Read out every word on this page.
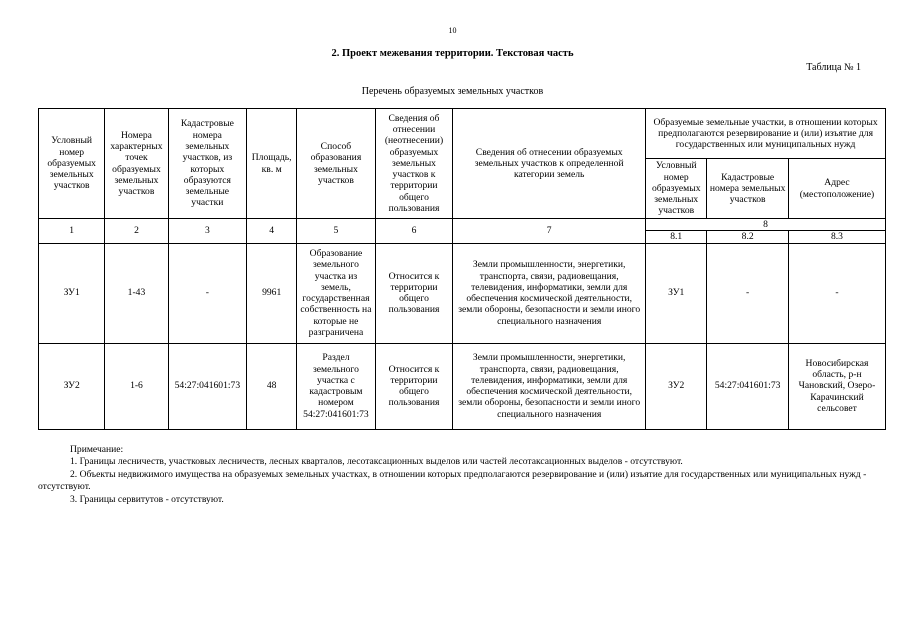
10
2. Проект межевания территории. Текстовая часть
Таблица № 1
Перечень образуемых земельных участков
Условный номер образуемых земельных участков	Номера характерных точек образуемых земельных участков	Кадастровые номера земельных участков, из которых образуются земельные участки	Площадь, кв. м	Способ образования земельных участков	Сведения об отнесении (неотнесении) образуемых земельных участков к территории общего пользования	Сведения об отнесении образуемых земельных участков к определенной категории земель	Образуемые земельные участки, в отношении которых предполагаются резервирование и (или) изъятие для государственных или муниципальных нужд		
							Условный номер образуемых земельных участков	Кадастровые номера земельных участков	Адрес (местоположение)
1	2	3	4	5	6	7	8		
							8.1	8.2	8.3
ЗУ1	1-43	-	9961	Образование земельного участка из земель, государственная собственность на которые не разграничена	Относится к территории общего пользования	Земли промышленности, энергетики, транспорта, связи, радиовещания, телевидения, информатики, земли для обеспечения космической деятельности, земли обороны, безопасности и земли иного специального назначения	ЗУ1	-	-
ЗУ2	1-6	54:27:041601:73	48	Раздел земельного участка с кадастровым номером 54:27:041601:73	Относится к территории общего пользования	Земли промышленности, энергетики, транспорта, связи, радиовещания, телевидения, информатики, земли для обеспечения космической деятельности, земли обороны, безопасности и земли иного специального назначения	ЗУ2	54:27:041601:73	Новосибирская область, р-н Чановский, Озеро-Карачинский сельсовет

Примечание:

1. Границы лесничеств, участковых лесничеств, лесных кварталов, лесотаксационных выделов или частей лесотаксационных выделов - отсутствуют.

2. Объекты недвижимого имущества на образуемых земельных участках, в отношении которых предполагаются резервирование и (или) изъятие для государственных или муниципальных нужд - отсутствуют.

3. Границы сервитутов - отсутствуют.
